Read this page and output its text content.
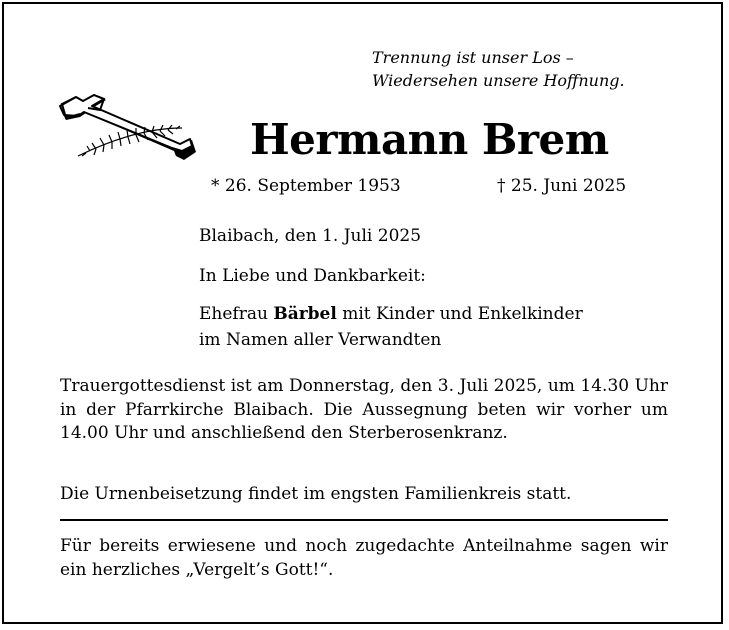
Trennung ist unser Los –
Wiedersehen unsere Hoffnung.
Hermann Brem
* 26. September 1953	† 25. Juni 2025
Blaibach, den 1. Juli 2025
In Liebe und Dankbarkeit:
Ehefrau Bärbel mit Kinder und Enkelkinder
im Namen aller Verwandten
Trauergottesdienst ist am Donnerstag, den 3. Juli 2025, um 14.30 Uhr in der Pfarrkirche Blaibach. Die Aussegnung beten wir vorher um 14.00 Uhr und anschließend den Sterberosenkranz.
Die Urnenbeisetzung findet im engsten Familienkreis statt.
Für bereits erwiesene und noch zugedachte Anteilnahme sagen wir ein herzliches „Vergelt’s Gott!“.
